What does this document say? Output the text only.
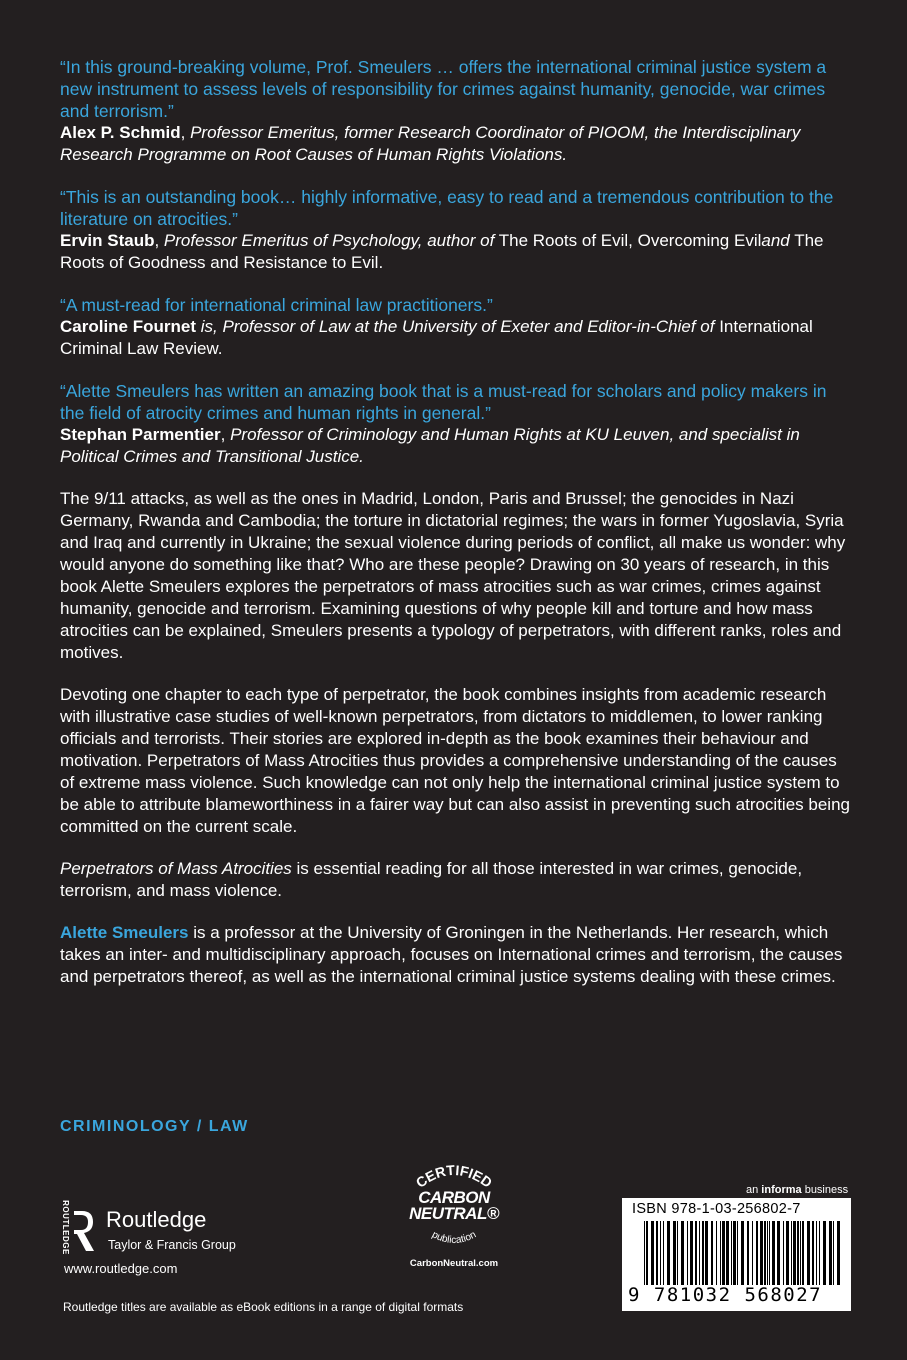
“In this ground-breaking volume, Prof. Smeulers … offers the international criminal justice system a new instrument to assess levels of responsibility for crimes against humanity, genocide, war crimes and terrorism.”
Alex P. Schmid, Professor Emeritus, former Research Coordinator of PIOOM, the Interdisciplinary Research Programme on Root Causes of Human Rights Violations.
“This is an outstanding book… highly informative, easy to read and a tremendous contribution to the literature on atrocities.”
Ervin Staub, Professor Emeritus of Psychology, author of The Roots of Evil, Overcoming Eviland The Roots of Goodness and Resistance to Evil.
“A must-read for international criminal law practitioners.”
Caroline Fournet is, Professor of Law at the University of Exeter and Editor-in-Chief of International Criminal Law Review.
“Alette Smeulers has written an amazing book that is a must-read for scholars and policy makers in the field of atrocity crimes and human rights in general.”
Stephan Parmentier, Professor of Criminology and Human Rights at KU Leuven, and specialist in Political Crimes and Transitional Justice.

The 9/11 attacks, as well as the ones in Madrid, London, Paris and Brussel; the genocides in Nazi Germany, Rwanda and Cambodia; the torture in dictatorial regimes; the wars in former Yugoslavia, Syria and Iraq and currently in Ukraine; the sexual violence during periods of conflict, all make us wonder: why would anyone do something like that? Who are these people? Drawing on 30 years of research, in this book Alette Smeulers explores the perpetrators of mass atrocities such as war crimes, crimes against humanity, genocide and terrorism. Examining questions of why people kill and torture and how mass atrocities can be explained, Smeulers presents a typology of perpetrators, with different ranks, roles and motives.

Devoting one chapter to each type of perpetrator, the book combines insights from academic research with illustrative case studies of well-known perpetrators, from dictators to middlemen, to lower ranking officials and terrorists. Their stories are explored in-depth as the book examines their behaviour and motivation. Perpetrators of Mass Atrocities thus provides a comprehensive understanding of the causes of extreme mass violence. Such knowledge can not only help the international criminal justice system to be able to attribute blameworthiness in a fairer way but can also assist in preventing such atrocities being committed on the current scale.

Perpetrators of Mass Atrocities is essential reading for all those interested in war crimes, genocide, terrorism, and mass violence.

Alette Smeulers is a professor at the University of Groningen in the Netherlands. Her research, which takes an inter- and multidisciplinary approach, focuses on International crimes and terrorism, the causes and perpetrators thereof, as well as the international criminal justice systems dealing with these crimes.
CRIMINOLOGY / LAW
ROUTLEDGE Routledge
Taylor & Francis Group
www.routledge.com
CERTIFIED
CARBON
NEUTRAL®
publication
CarbonNeutral.com
an informa business
ISBN 978-1-03-256802-7
9 781032 568027
Routledge titles are available as eBook editions in a range of digital formats
